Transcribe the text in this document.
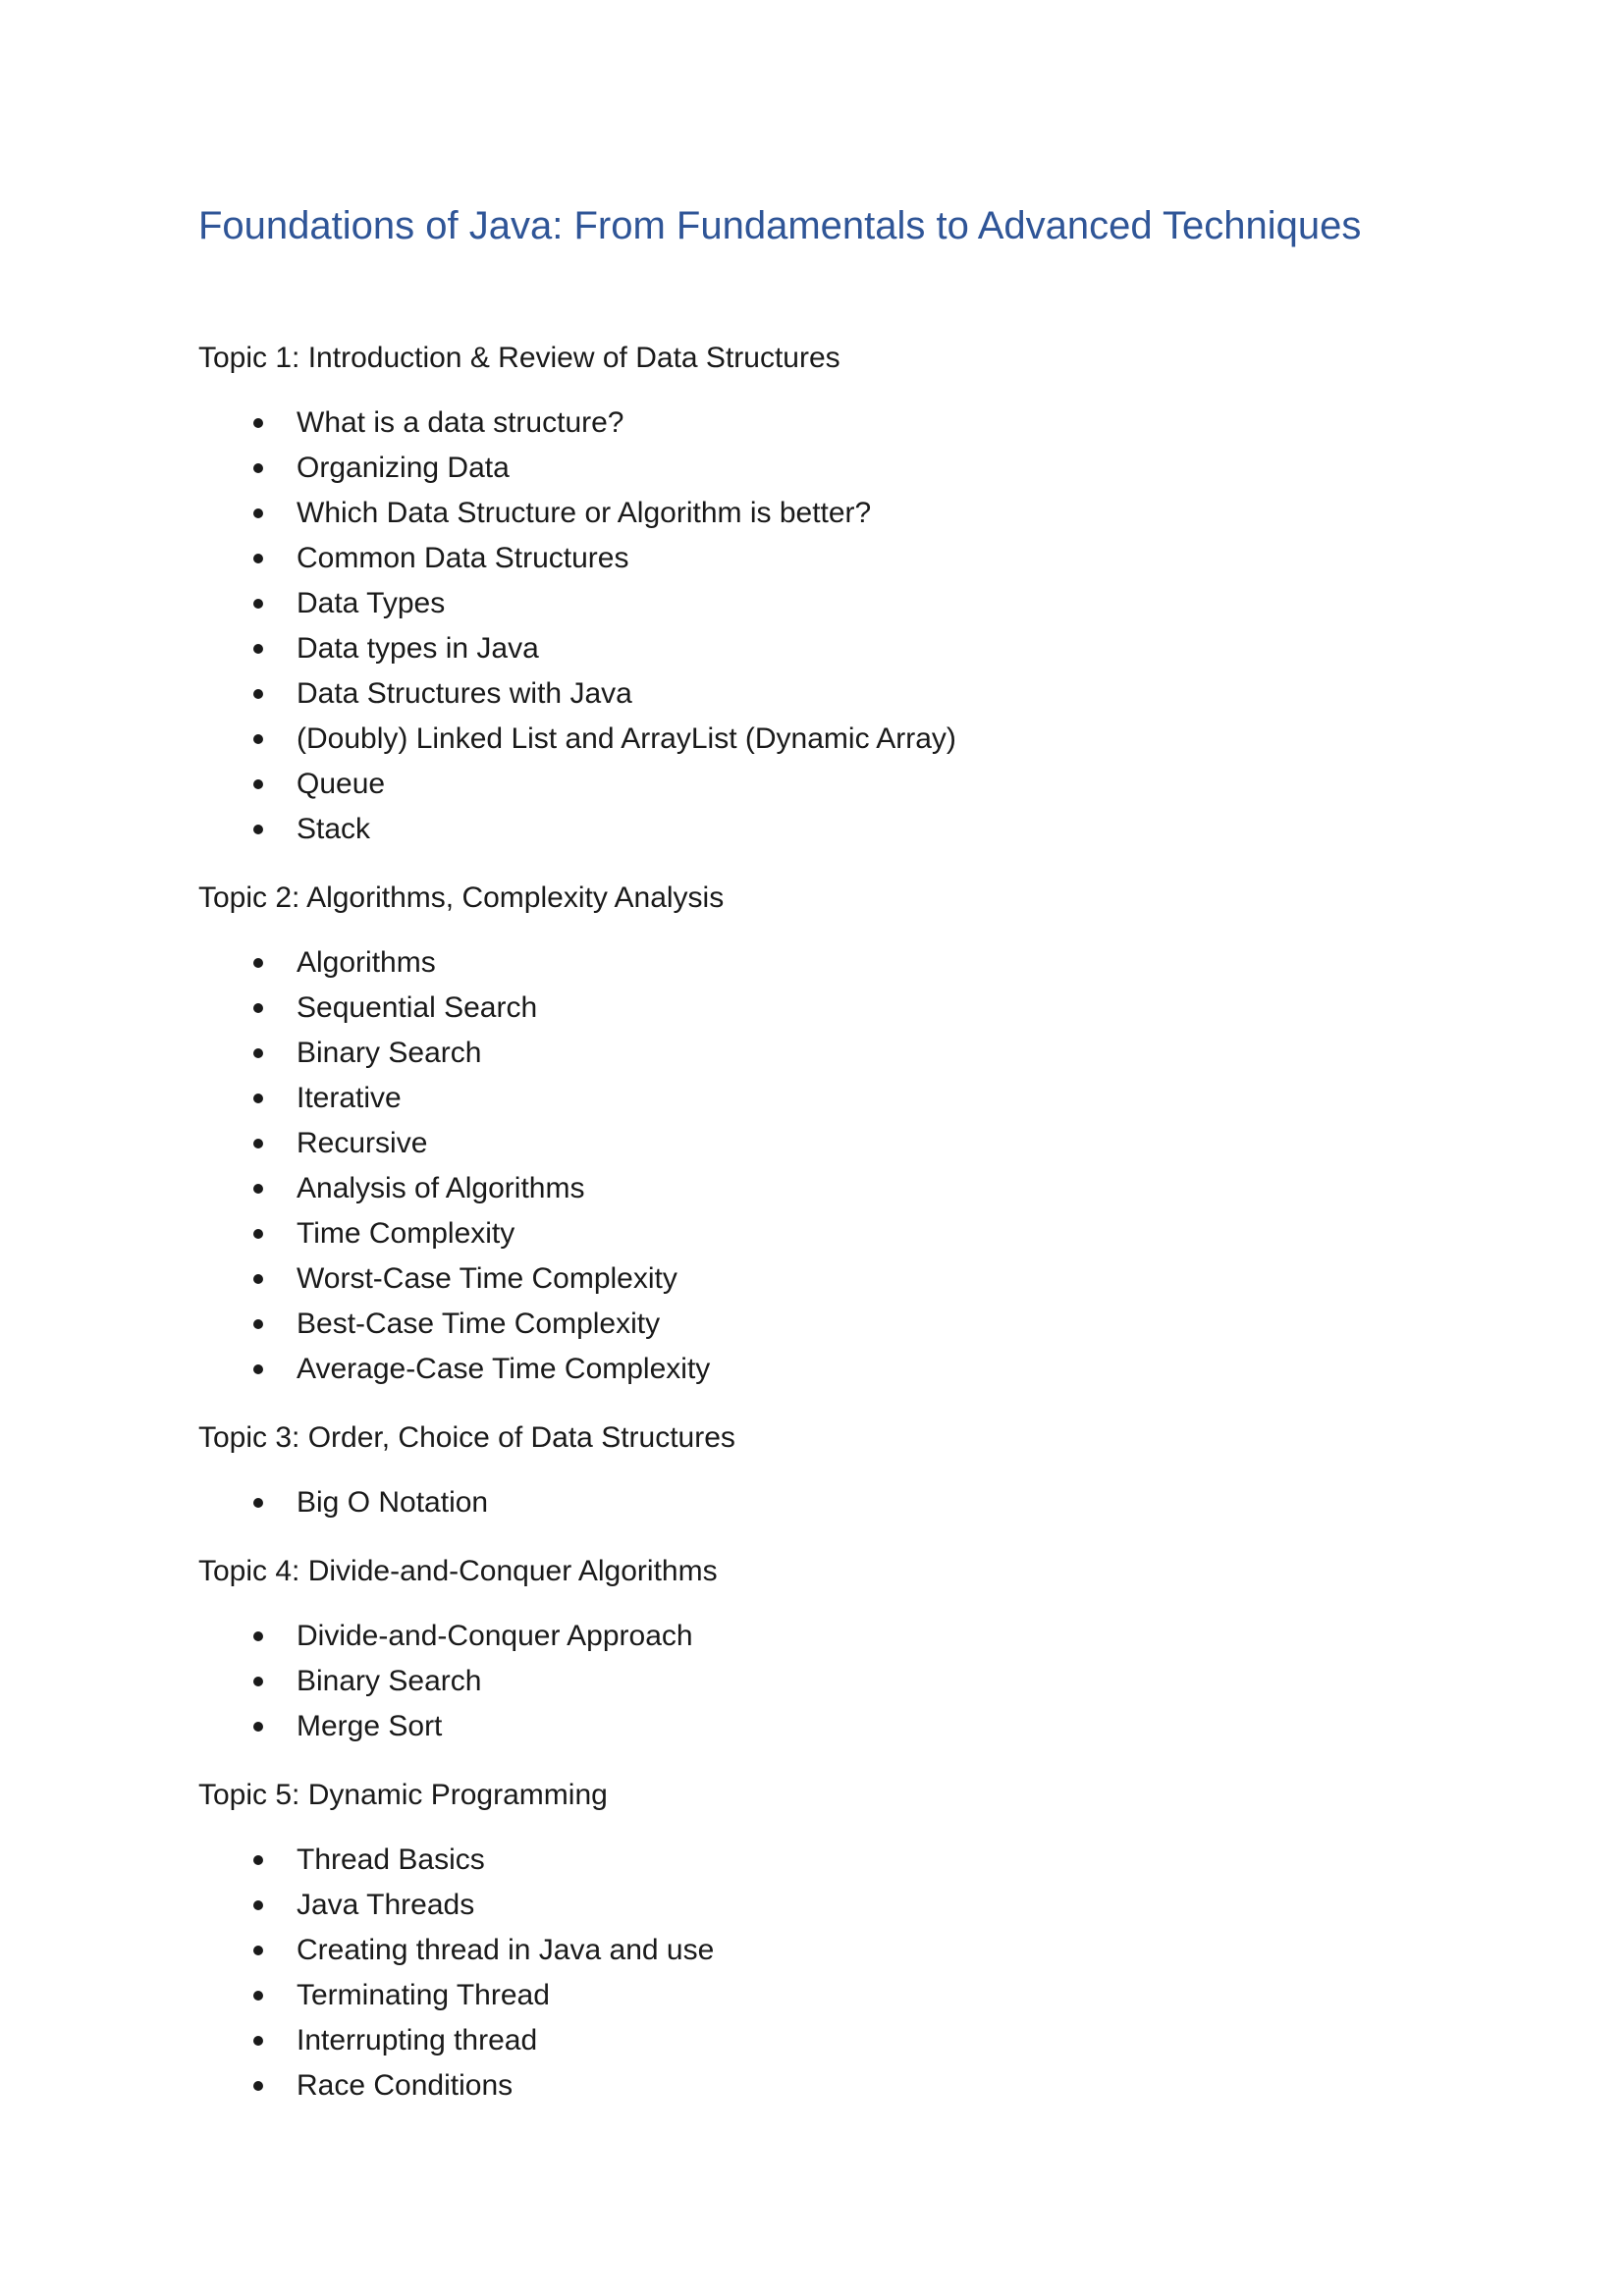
Foundations of Java: From Fundamentals to Advanced Techniques
Topic 1: Introduction & Review of Data Structures
What is a data structure?
Organizing Data
Which Data Structure or Algorithm is better?
Common Data Structures
Data Types
Data types in Java
Data Structures with Java
(Doubly) Linked List and ArrayList (Dynamic Array)
Queue
Stack
Topic 2: Algorithms, Complexity Analysis
Algorithms
Sequential Search
Binary Search
Iterative
Recursive
Analysis of Algorithms
Time Complexity
Worst-Case Time Complexity
Best-Case Time Complexity
Average-Case Time Complexity
Topic 3: Order, Choice of Data Structures
Big O Notation
Topic 4: Divide-and-Conquer Algorithms
Divide-and-Conquer Approach
Binary Search
Merge Sort
Topic 5: Dynamic Programming
Thread Basics
Java Threads
Creating thread in Java and use
Terminating Thread
Interrupting thread
Race Conditions
